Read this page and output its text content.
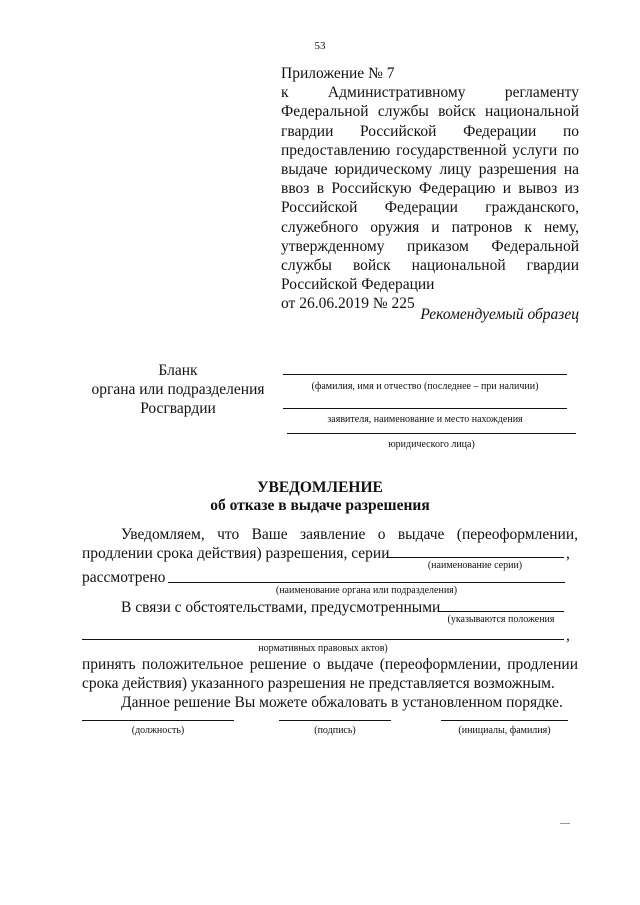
53
Приложение № 7
к Административному регламенту
Федеральной службы войск национальной
гвардии Российской Федерации по
предоставлению государственной услуги по
выдаче юридическому лицу разрешения на
ввоз в Российскую Федерацию и вывоз из
Российской Федерации гражданского,
служебного оружия и патронов к нему,
утвержденному приказом Федеральной
службы войск национальной гвардии
Российской Федерации
от 26.06.2019 № 225
Рекомендуемый образец
Бланк
органа или подразделения
Росгвардии
(фамилия, имя и отчество (последнее – при наличии)
заявителя, наименование и место нахождения
юридического лица)
УВЕДОМЛЕНИЕ
об отказе в выдаче разрешения
Уведомляем, что Ваше заявление о выдаче (переоформлении,
продлении срока действия) разрешения, серии	,
(наименование серии)
рассмотрено
(наименование органа или подразделения)
В связи с обстоятельствами, предусмотренными
(указываются положения
,
нормативных правовых актов)
принять положительное решение о выдаче (переоформлении, продлении
срока действия) указанного разрешения не представляется возможным.
Данное решение Вы можете обжаловать в установленном порядке.
(должность)	(подпись)	(инициалы, фамилия)
